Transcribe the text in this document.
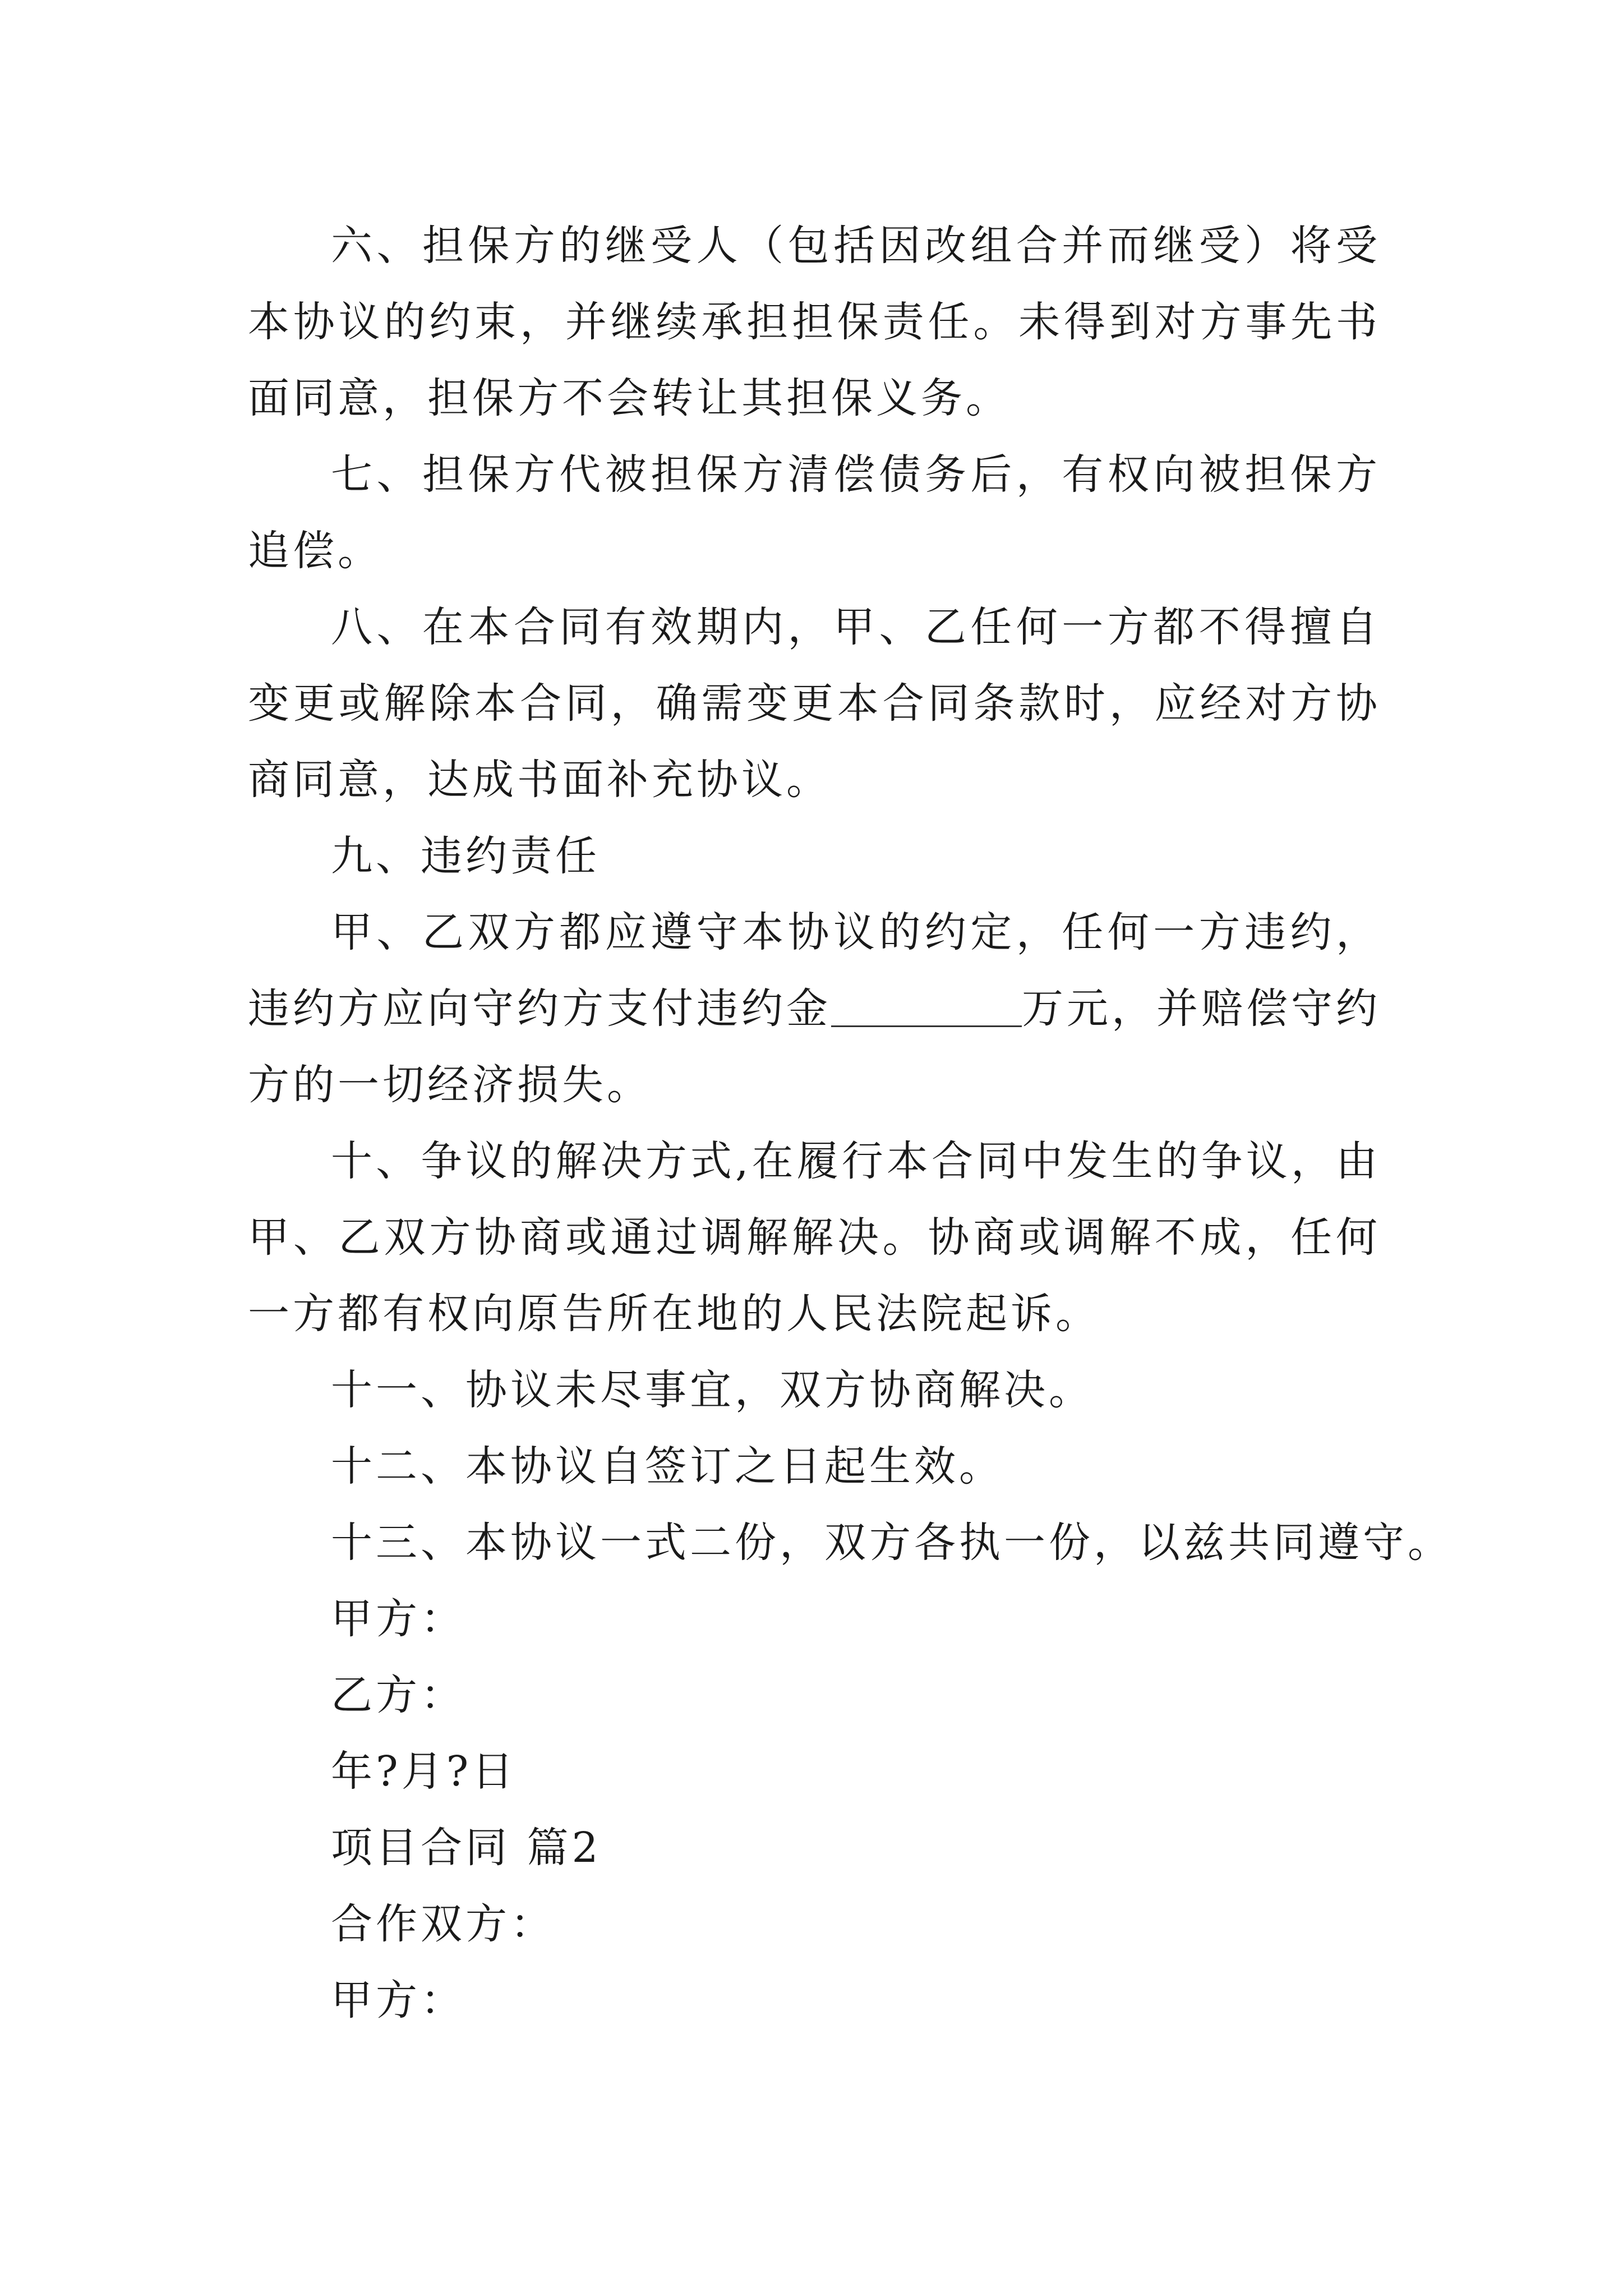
六、担保方的继受人（包括因改组合并而继受）将受本协议的约束，并继续承担担保责任。未得到对方事先书面同意，担保方不会转让其担保义务。

七、担保方代被担保方清偿债务后，有权向被担保方追偿。

八、在本合同有效期内，甲、乙任何一方都不得擅自变更或解除本合同，确需变更本合同条款时，应经对方协商同意，达成书面补充协议。

九、违约责任

甲、乙双方都应遵守本协议的约定，任何一方违约，违约方应向守约方支付违约金	万元，并赔偿守约方的一切经济损失。

十、争议的解决方式,在履行本合同中发生的争议，由甲、乙双方协商或通过调解解决。协商或调解不成，任何一方都有权向原告所在地的人民法院起诉。

十一、协议未尽事宜，双方协商解决。

十二、本协议自签订之日起生效。

十三、本协议一式二份，双方各执一份，以兹共同遵守。

甲方：

乙方：

年?月?日

项目合同 篇2

合作双方：

甲方：
